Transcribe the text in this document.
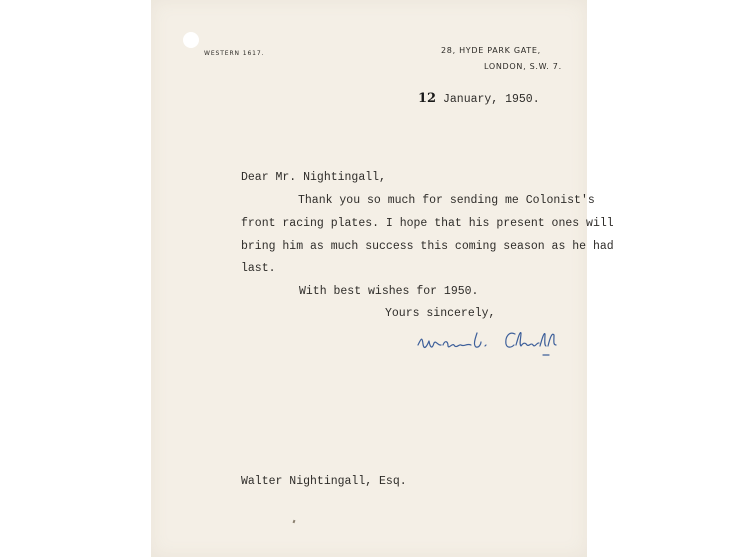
WESTERN 1617.	28, HYDE PARK GATE,
LONDON, S.W. 7.
12 January, 1950.
Dear Mr. Nightingall,
Thank you so much for sending me Colonist's
front racing plates. I hope that his present ones will
bring him as much success this coming season as he had
last.
With best wishes for 1950.
Yours sincerely,
Walter Nightingall, Esq.
